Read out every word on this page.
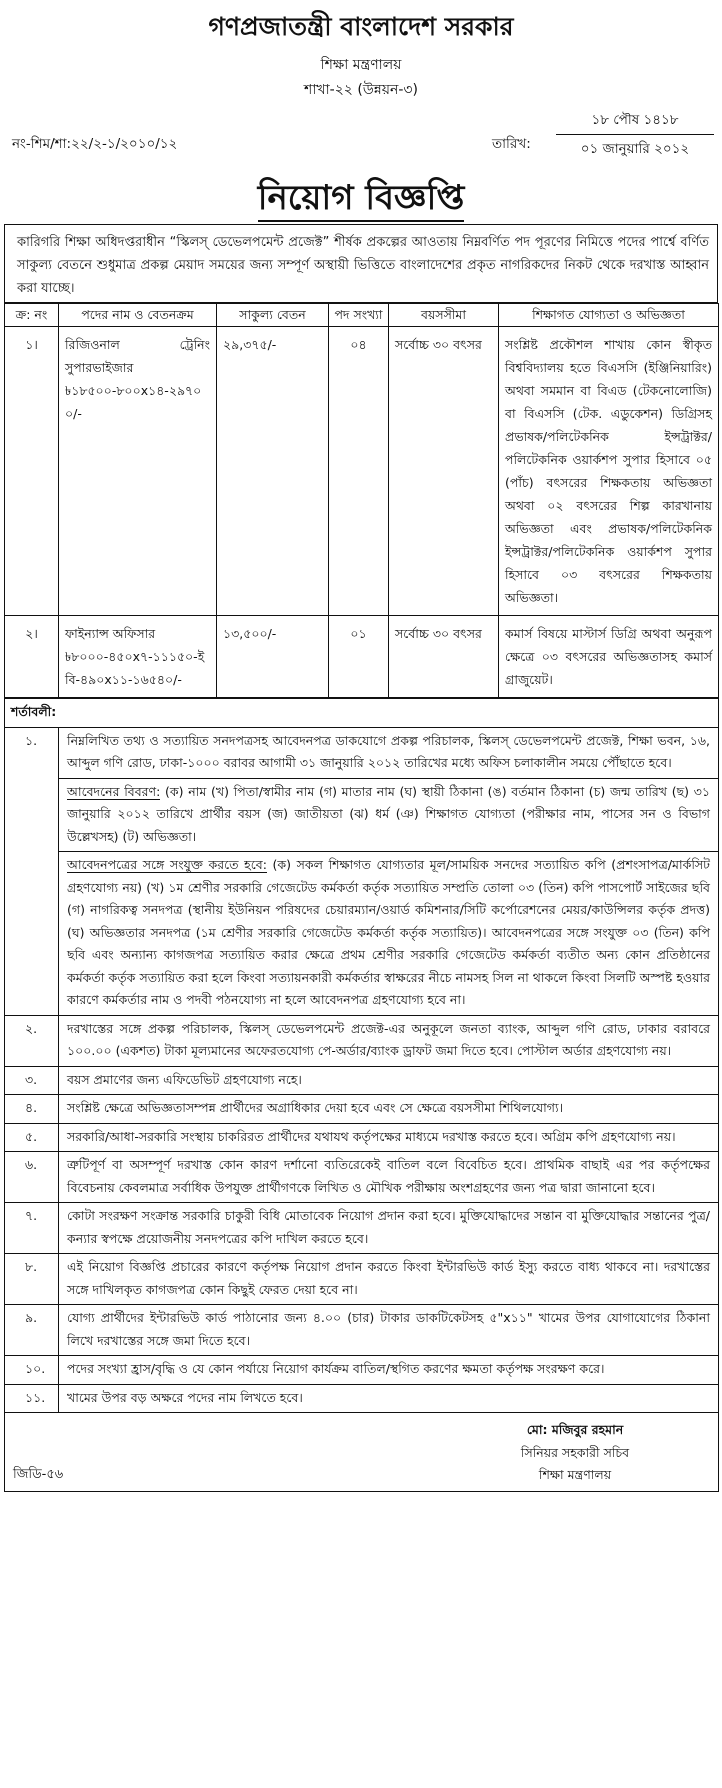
গণপ্রজাতন্ত্রী বাংলাদেশ সরকার
শিক্ষা মন্ত্রণালয়
শাখা-২২ (উন্নয়ন-৩)
নং-শিম/শা:২২/২-১/২০১০/১২	তারিখ:
১৮ পৌষ ১৪১৮
০১ জানুয়ারি ২০১২
নিয়োগ বিজ্ঞপ্তি
কারিগরি শিক্ষা অধিদপ্তরাধীন “স্কিলস্ ডেভেলপমেন্ট প্রজেক্ট” শীর্ষক প্রকল্পের আওতায় নিম্নবর্ণিত পদ পূরণের নিমিত্তে পদের পার্শ্বে বর্ণিত সাকুল্য বেতনে শুধুমাত্র প্রকল্প মেয়াদ সময়ের জন্য সম্পূর্ণ অস্থায়ী ভিত্তিতে বাংলাদেশের প্রকৃত নাগরিকদের নিকট থেকে দরখাস্ত আহ্বান করা যাচ্ছে।
ক্র: নং	পদের নাম ও বেতনক্রম	সাকুল্য বেতন	পদ সংখ্যা	বয়সসীমা	শিক্ষাগত যোগ্যতা ও অভিজ্ঞতা
১।	রিজিওনাল ট্রেনিং সুপারভাইজার
৳১৮৫০০-৮০০x১৪-২৯৭০০/-	২৯,৩৭৫/-	০৪	সর্বোচ্চ ৩০ বৎসর	সংশ্লিষ্ট প্রকৌশল শাখায় কোন স্বীকৃত বিশ্ববিদ্যালয় হতে বিএসসি (ইঞ্জিনিয়ারিং) অথবা সমমান বা বিএড (টেকনোলোজি) বা বিএসসি (টেক. এডুকেশন) ডিগ্রিসহ প্রভাষক/পলিটেকনিক ইন্সট্রাক্টর/পলিটেকনিক ওয়ার্কশপ সুপার হিসাবে ০৫ (পাঁচ) বৎসরের শিক্ষকতায় অভিজ্ঞতা অথবা ০২ বৎসরের শিল্প কারখানায় অভিজ্ঞতা এবং প্রভাষক/পলিটেকনিক ইন্সট্রাক্টর/পলিটেকনিক ওয়ার্কশপ সুপার হিসাবে ০৩ বৎসরের শিক্ষকতায় অভিজ্ঞতা।
২।	ফাইন্যান্স অফিসার
৳৮০০০-৪৫০x৭-১১১৫০-ইবি-৪৯০x১১-১৬৫৪০/-	১৩,৫০০/-	০১	সর্বোচ্চ ৩০ বৎসর	কমার্স বিষয়ে মাস্টার্স ডিগ্রি অথবা অনুরূপ ক্ষেত্রে ০৩ বৎসরের অভিজ্ঞতাসহ কমার্স গ্রাজুয়েট।
শর্তাবলী:	
১.	নিম্নলিখিত তথ্য ও সত্যায়িত সনদপত্রসহ আবেদনপত্র ডাকযোগে প্রকল্প পরিচালক, স্কিলস্ ডেভেলপমেন্ট প্রজেক্ট, শিক্ষা ভবন, ১৬, আব্দুল গণি রোড, ঢাকা-১০০০ বরাবর আগামী ৩১ জানুয়ারি ২০১২ তারিখের মধ্যে অফিস চলাকালীন সময়ে পৌঁছাতে হবে।
আবেদনের বিবরণ: (ক) নাম (খ) পিতা/স্বামীর নাম (গ) মাতার নাম (ঘ) স্থায়ী ঠিকানা (ঙ) বর্তমান ঠিকানা (চ) জন্ম তারিখ (ছ) ৩১ জানুয়ারি ২০১২ তারিখে প্রার্থীর বয়স (জ) জাতীয়তা (ঝ) ধর্ম (ঞ) শিক্ষাগত যোগ্যতা (পরীক্ষার নাম, পাসের সন ও বিভাগ উল্লেখসহ) (ট) অভিজ্ঞতা।
আবেদনপত্রের সঙ্গে সংযুক্ত করতে হবে: (ক) সকল শিক্ষাগত যোগ্যতার মূল/সাময়িক সনদের সত্যায়িত কপি (প্রশংসাপত্র/মার্কসিট গ্রহণযোগ্য নয়) (খ) ১ম শ্রেণীর সরকারি গেজেটেড কর্মকর্তা কর্তৃক সত্যায়িত সম্প্রতি তোলা ০৩ (তিন) কপি পাসপোর্ট সাইজের ছবি (গ) নাগরিকত্ব সনদপত্র (স্থানীয় ইউনিয়ন পরিষদের চেয়ারম্যান/ওয়ার্ড কমিশনার/সিটি কর্পোরেশনের মেয়র/কাউন্সিলর কর্তৃক প্রদত্ত) (ঘ) অভিজ্ঞতার সনদপত্র (১ম শ্রেণীর সরকারি গেজেটেড কর্মকর্তা কর্তৃক সত্যায়িত)। আবেদনপত্রের সঙ্গে সংযুক্ত ০৩ (তিন) কপি ছবি এবং অন্যান্য কাগজপত্র সত্যায়িত করার ক্ষেত্রে প্রথম শ্রেণীর সরকারি গেজেটেড কর্মকর্তা ব্যতীত অন্য কোন প্রতিষ্ঠানের কর্মকর্তা কর্তৃক সত্যায়িত করা হলে কিংবা সত্যায়নকারী কর্মকর্তার স্বাক্ষরের নীচে নামসহ সিল না থাকলে কিংবা সিলটি অস্পষ্ট হওয়ার কারণে কর্মকর্তার নাম ও পদবী পঠনযোগ্য না হলে আবেদনপত্র গ্রহণযোগ্য হবে না।

২.	দরখাস্তের সঙ্গে প্রকল্প পরিচালক, স্কিলস্ ডেভেলপমেন্ট প্রজেক্ট-এর অনুকূলে জনতা ব্যাংক, আব্দুল গণি রোড, ঢাকার বরাবরে ১০০.০০ (একশত) টাকা মূল্যমানের অফেরতযোগ্য পে-অর্ডার/ব্যাংক ড্রাফট জমা দিতে হবে। পোস্টাল অর্ডার গ্রহণযোগ্য নয়।
৩.	বয়স প্রমাণের জন্য এফিডেভিট গ্রহণযোগ্য নহে।
৪.	সংশ্লিষ্ট ক্ষেত্রে অভিজ্ঞতাসম্পন্ন প্রার্থীদের অগ্রাধিকার দেয়া হবে এবং সে ক্ষেত্রে বয়সসীমা শিথিলযোগ্য।
৫.	সরকারি/আধা-সরকারি সংস্থায় চাকরিরত প্রার্থীদের যথাযথ কর্তৃপক্ষের মাধ্যমে দরখাস্ত করতে হবে। অগ্রিম কপি গ্রহণযোগ্য নয়।
৬.	ত্রুটিপূর্ণ বা অসম্পূর্ণ দরখাস্ত কোন কারণ দর্শানো ব্যতিরেকেই বাতিল বলে বিবেচিত হবে। প্রাথমিক বাছাই এর পর কর্তৃপক্ষের বিবেচনায় কেবলমাত্র সর্বাধিক উপযুক্ত প্রার্থীগণকে লিখিত ও মৌখিক পরীক্ষায় অংশগ্রহণের জন্য পত্র দ্বারা জানানো হবে।
৭.	কোটা সংরক্ষণ সংক্রান্ত সরকারি চাকুরী বিধি মোতাবেক নিয়োগ প্রদান করা হবে। মুক্তিযোদ্ধাদের সন্তান বা মুক্তিযোদ্ধার সন্তানের পুত্র/কন্যার স্বপক্ষে প্রয়োজনীয় সনদপত্রের কপি দাখিল করতে হবে।
৮.	এই নিয়োগ বিজ্ঞপ্তি প্রচারের কারণে কর্তৃপক্ষ নিয়োগ প্রদান করতে কিংবা ইন্টারভিউ কার্ড ইস্যু করতে বাধ্য থাকবে না। দরখাস্তের সঙ্গে দাখিলকৃত কাগজপত্র কোন কিছুই ফেরত দেয়া হবে না।
৯.	যোগ্য প্রার্থীদের ইন্টারভিউ কার্ড পাঠানোর জন্য ৪.০০ (চার) টাকার ডাকটিকেটসহ ৫"x১১" খামের উপর যোগাযোগের ঠিকানা লিখে দরখাস্তের সঙ্গে জমা দিতে হবে।
১০.	পদের সংখ্যা হ্রাস/বৃদ্ধি ও যে কোন পর্যায়ে নিয়োগ কার্যক্রম বাতিল/স্থগিত করণের ক্ষমতা কর্তৃপক্ষ সংরক্ষণ করে।
১১.	খামের উপর বড় অক্ষরে পদের নাম লিখতে হবে।

জিডি-৫৬
মো: মজিবুর রহমান
সিনিয়র সহকারী সচিব
শিক্ষা মন্ত্রণালয়	
